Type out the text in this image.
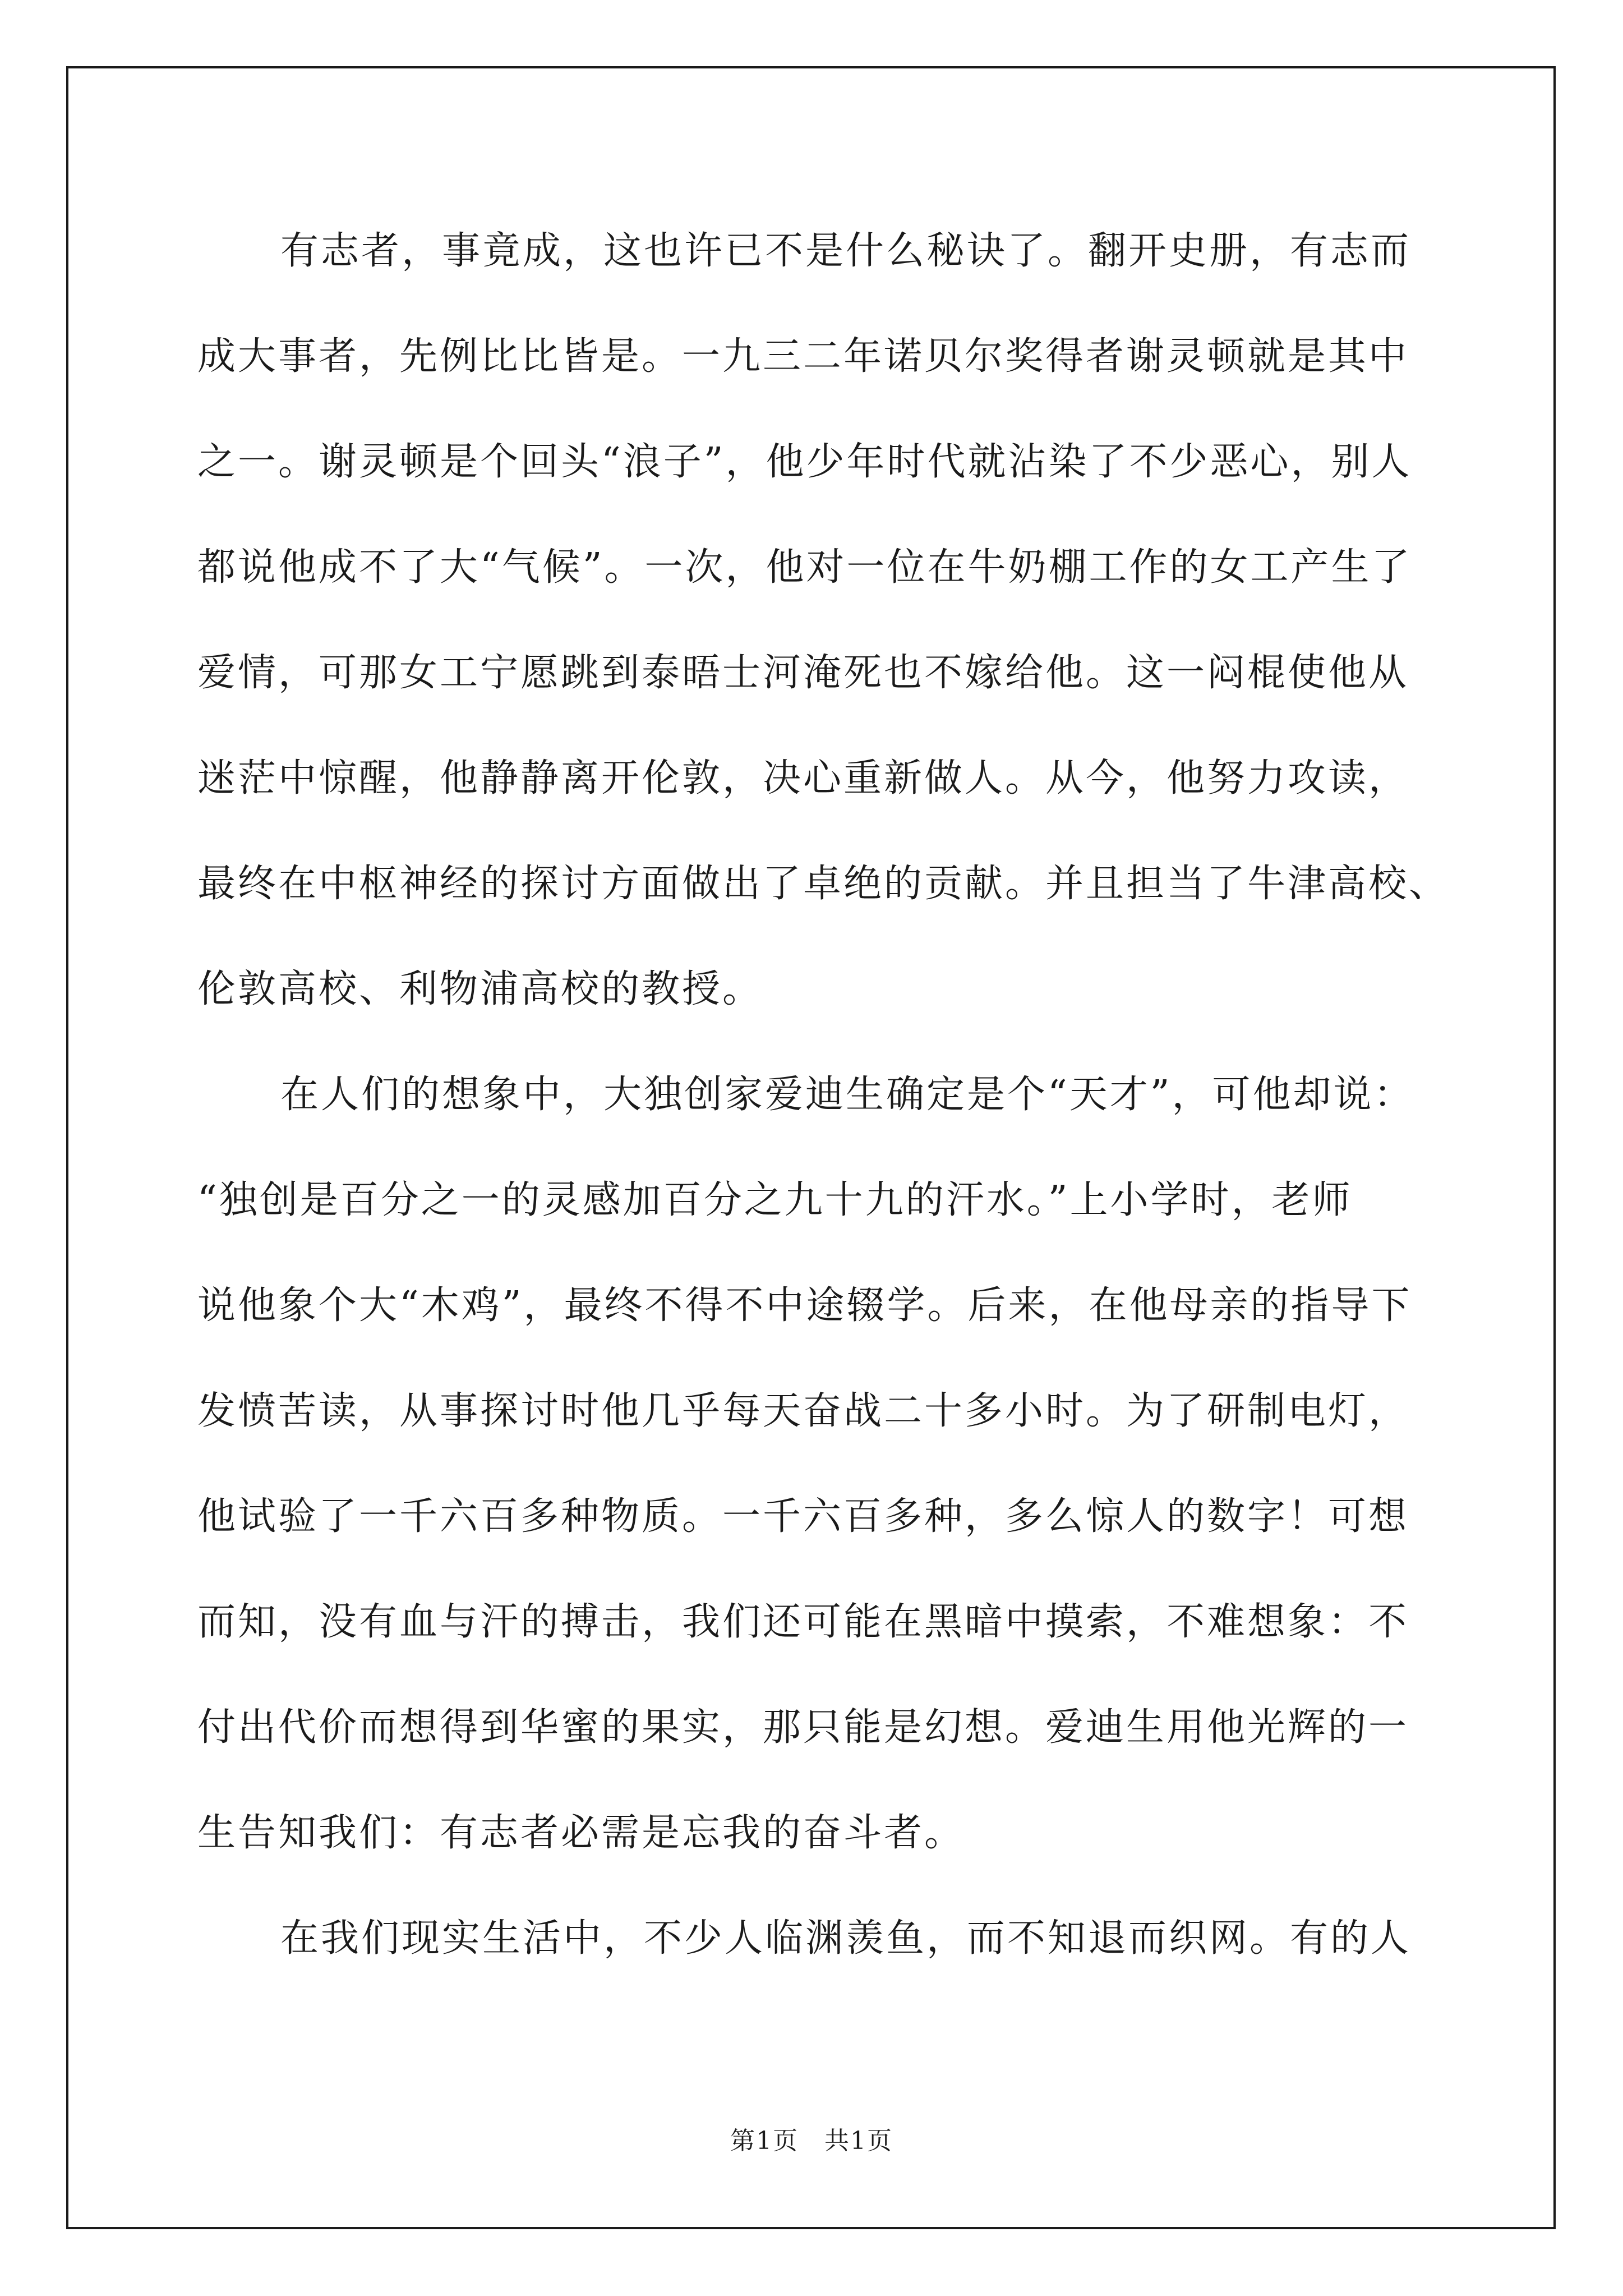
有志者，事竟成，这也许已不是什么秘诀了。翻开史册，有志而
成大事者，先例比比皆是。一九三二年诺贝尔奖得者谢灵顿就是其中
之一。谢灵顿是个回头“浪子”，他少年时代就沾染了不少恶心，别人
都说他成不了大“气候”。一次，他对一位在牛奶棚工作的女工产生了
爱情，可那女工宁愿跳到泰晤士河淹死也不嫁给他。这一闷棍使他从
迷茫中惊醒，他静静离开伦敦，决心重新做人。从今，他努力攻读，
最终在中枢神经的探讨方面做出了卓绝的贡献。并且担当了牛津高校、
伦敦高校、利物浦高校的教授。
在人们的想象中，大独创家爱迪生确定是个“天才”，可他却说：
“独创是百分之一的灵感加百分之九十九的汗水。”上小学时，老师
说他象个大“木鸡”，最终不得不中途辍学。后来，在他母亲的指导下
发愤苦读，从事探讨时他几乎每天奋战二十多小时。为了研制电灯，
他试验了一千六百多种物质。一千六百多种，多么惊人的数字！可想
而知，没有血与汗的搏击，我们还可能在黑暗中摸索，不难想象：不
付出代价而想得到华蜜的果实，那只能是幻想。爱迪生用他光辉的一
生告知我们：有志者必需是忘我的奋斗者。
在我们现实生活中，不少人临渊羡鱼，而不知退而织网。有的人
第1页　共1页
